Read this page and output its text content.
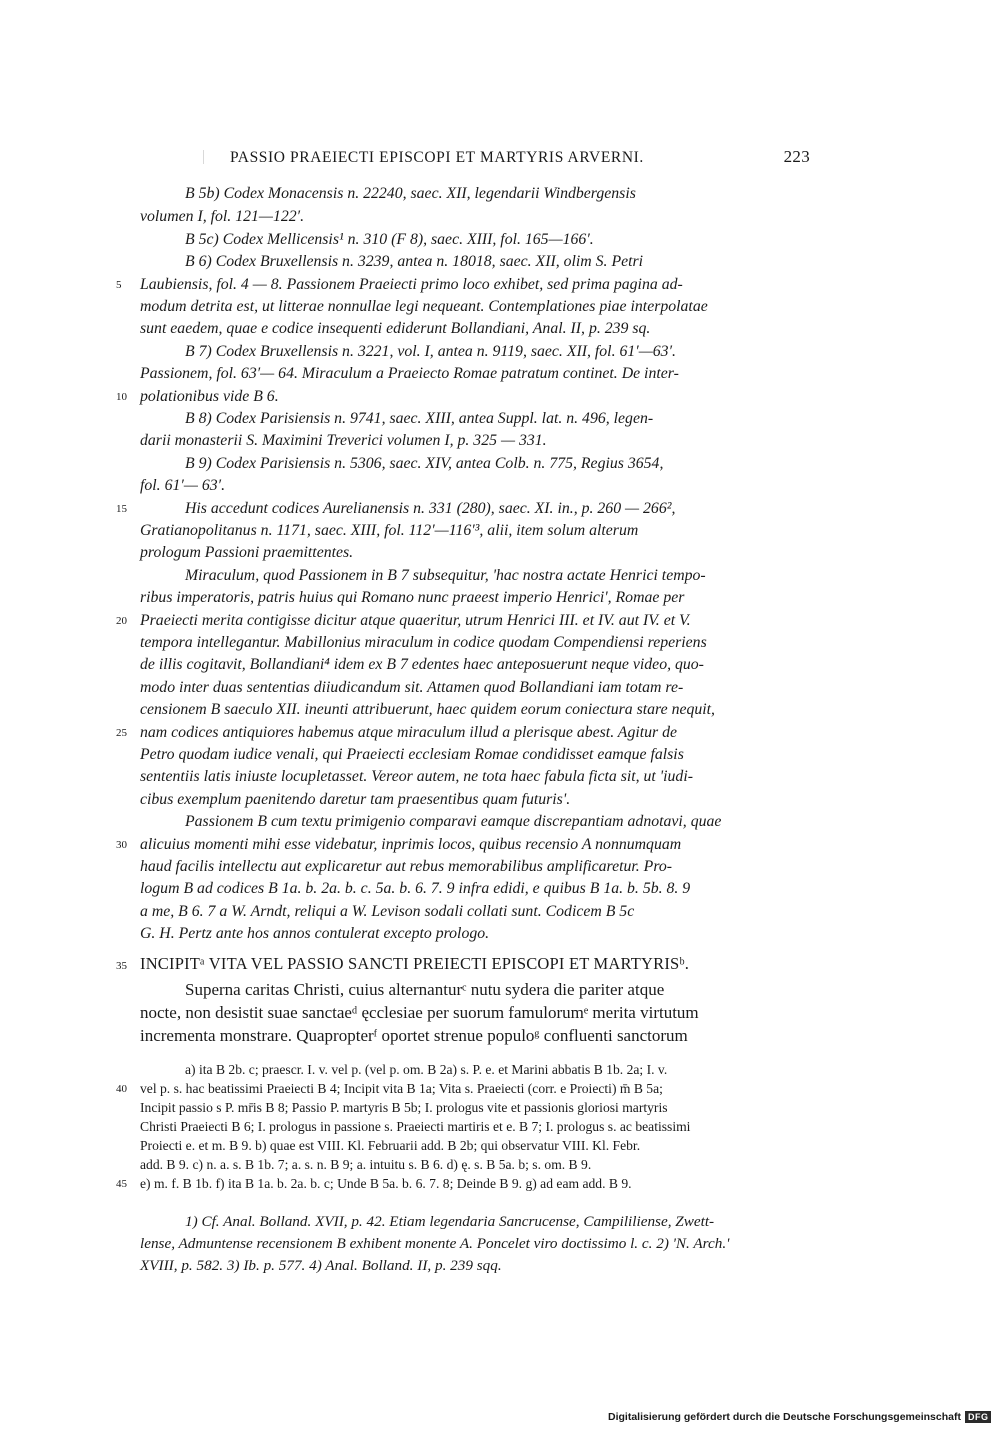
PASSIO PRAEIECTI EPISCOPI ET MARTYRIS ARVERNI.	223
B 5b) Codex Monacensis n. 22240, saec. XII, legendarii Windbergensis
volumen I, fol. 121—122′.
B 5c) Codex Mellicensis¹ n. 310 (F 8), saec. XIII, fol. 165—166′.
B 6) Codex Bruxellensis n. 3239, antea n. 18018, saec. XII, olim S. Petri
5	Laubiensis, fol. 4 — 8. Passionem Praeiecti primo loco exhibet, sed prima pagina ad-
modum detrita est, ut litterae nonnullae legi nequeant. Contemplationes piae interpolatae
sunt eaedem, quae e codice insequenti ediderunt Bollandiani, Anal. II, p. 239 sq.
B 7) Codex Bruxellensis n. 3221, vol. I, antea n. 9119, saec. XII, fol. 61′—63′.
Passionem, fol. 63′— 64. Miraculum a Praeiecto Romae patratum continet. De inter-
10 polationibus vide B 6.
B 8) Codex Parisiensis n. 9741, saec. XIII, antea Suppl. lat. n. 496, legen-
darii monasterii S. Maximini Treverici volumen I, p. 325 — 331.
B 9) Codex Parisiensis n. 5306, saec. XIV, antea Colb. n. 775, Regius 3654,
fol. 61′— 63′.
15	His accedunt codices Aurelianensis n. 331 (280), saec. XI. in., p. 260 — 266²,
Gratianopolitanus n. 1171, saec. XIII, fol. 112′—116′³, alii, item solum alterum
prologum Passioni praemittentes.
Miraculum, quod Passionem in B 7 subsequitur, 'hac nostra actate Henrici tempo-
ribus imperatoris, patris huius qui Romano nunc praeest imperio Henrici', Romae per
20 Praeiecti merita contigisse dicitur atque quaeritur, utrum Henrici III. et IV. aut IV. et V.
tempora intellegantur. Mabillonius miraculum in codice quodam Compendiensi reperiens
de illis cogitavit, Bollandiani⁴ idem ex B 7 edentes haec anteposuerunt neque video, quo-
modo inter duas sententias diiudicandum sit. Attamen quod Bollandiani iam totam re-
censionem B saeculo XII. ineunti attribuerunt, haec quidem eorum coniectura stare nequit,
25 nam codices antiquiores habemus atque miraculum illud a plerisque abest. Agitur de
Petro quodam iudice venali, qui Praeiecti ecclesiam Romae condidisset eamque falsis
sententiis latis iniuste locupletasset. Vereor autem, ne tota haec fabula ficta sit, ut 'iudi-
cibus exemplum paenitendo daretur tam praesentibus quam futuris'.
Passionem B cum textu primigenio comparavi eamque discrepantiam adnotavi, quae
30 alicuius momenti mihi esse videbatur, inprimis locos, quibus recensio A nonnumquam
haud facilis intellectu aut explicaretur aut rebus memorabilibus amplificaretur. Pro-
logum B ad codices B 1a. b. 2a. b. c. 5a. b. 6. 7. 9 infra edidi, e quibus B 1a. b. 5b. 8. 9
a me, B 6. 7 a W. Arndt, reliqui a W. Levison sodali collati sunt. Codicem B 5c
G. H. Pertz ante hos annos contulerat excepto prologo.
35 INCIPITᵃ VITA VEL PASSIO SANCTI PREIECTI EPISCOPI ET MARTYRISᵇ.
Superna caritas Christi, cuius alternanturᶜ nutu sydera die pariter atque
nocte, non desistit suae sanctaeᵈ ęcclesiae per suorum famulorumᵉ merita virtutum
incrementa monstrare. Quapropterᶠ oportet strenue populoᵍ confluenti sanctorum
a) ita B 2b. c; praescr. I. v. vel p. (vel p. om. B 2a) s. P. e. et Marini abbatis B 1b. 2a; I. v.
40 vel p. s. hac beatissimi Praeiecti B 4; Incipit vita B 1a; Vita s. Praeiecti (corr. e Proiecti) m̄ B 5a;
Incipit passio s P. mr̄is B 8; Passio P. martyris B 5b; I. prologus vite et passionis gloriosi martyris
Christi Praeiecti B 6; I. prologus in passione s. Praeiecti martiris et e. B 7; I. prologus s. ac beatissimi
Proiecti e. et m. B 9. b) quae est VIII. Kl. Februarii add. B 2b; qui observatur VIII. Kl. Febr.
add. B 9. c) n. a. s. B 1b. 7; a. s. n. B 9; a. intuitu s. B 6. d) ę. s. B 5a. b; s. om. B 9.
45 e) m. f. B 1b. f) ita B 1a. b. 2a. b. c; Unde B 5a. b. 6. 7. 8; Deinde B 9. g) ad eam add. B 9.
1) Cf. Anal. Bolland. XVII, p. 42. Etiam legendaria Sancrucense, Campililiense, Zwett-
lense, Admuntense recensionem B exhibent monente A. Poncelet viro doctissimo l. c. 2) 'N. Arch.'
XVIII, p. 582. 3) Ib. p. 577. 4) Anal. Bolland. II, p. 239 sqq.
Digitalisierung gefördert durch die Deutsche Forschungsgemeinschaft DFG
